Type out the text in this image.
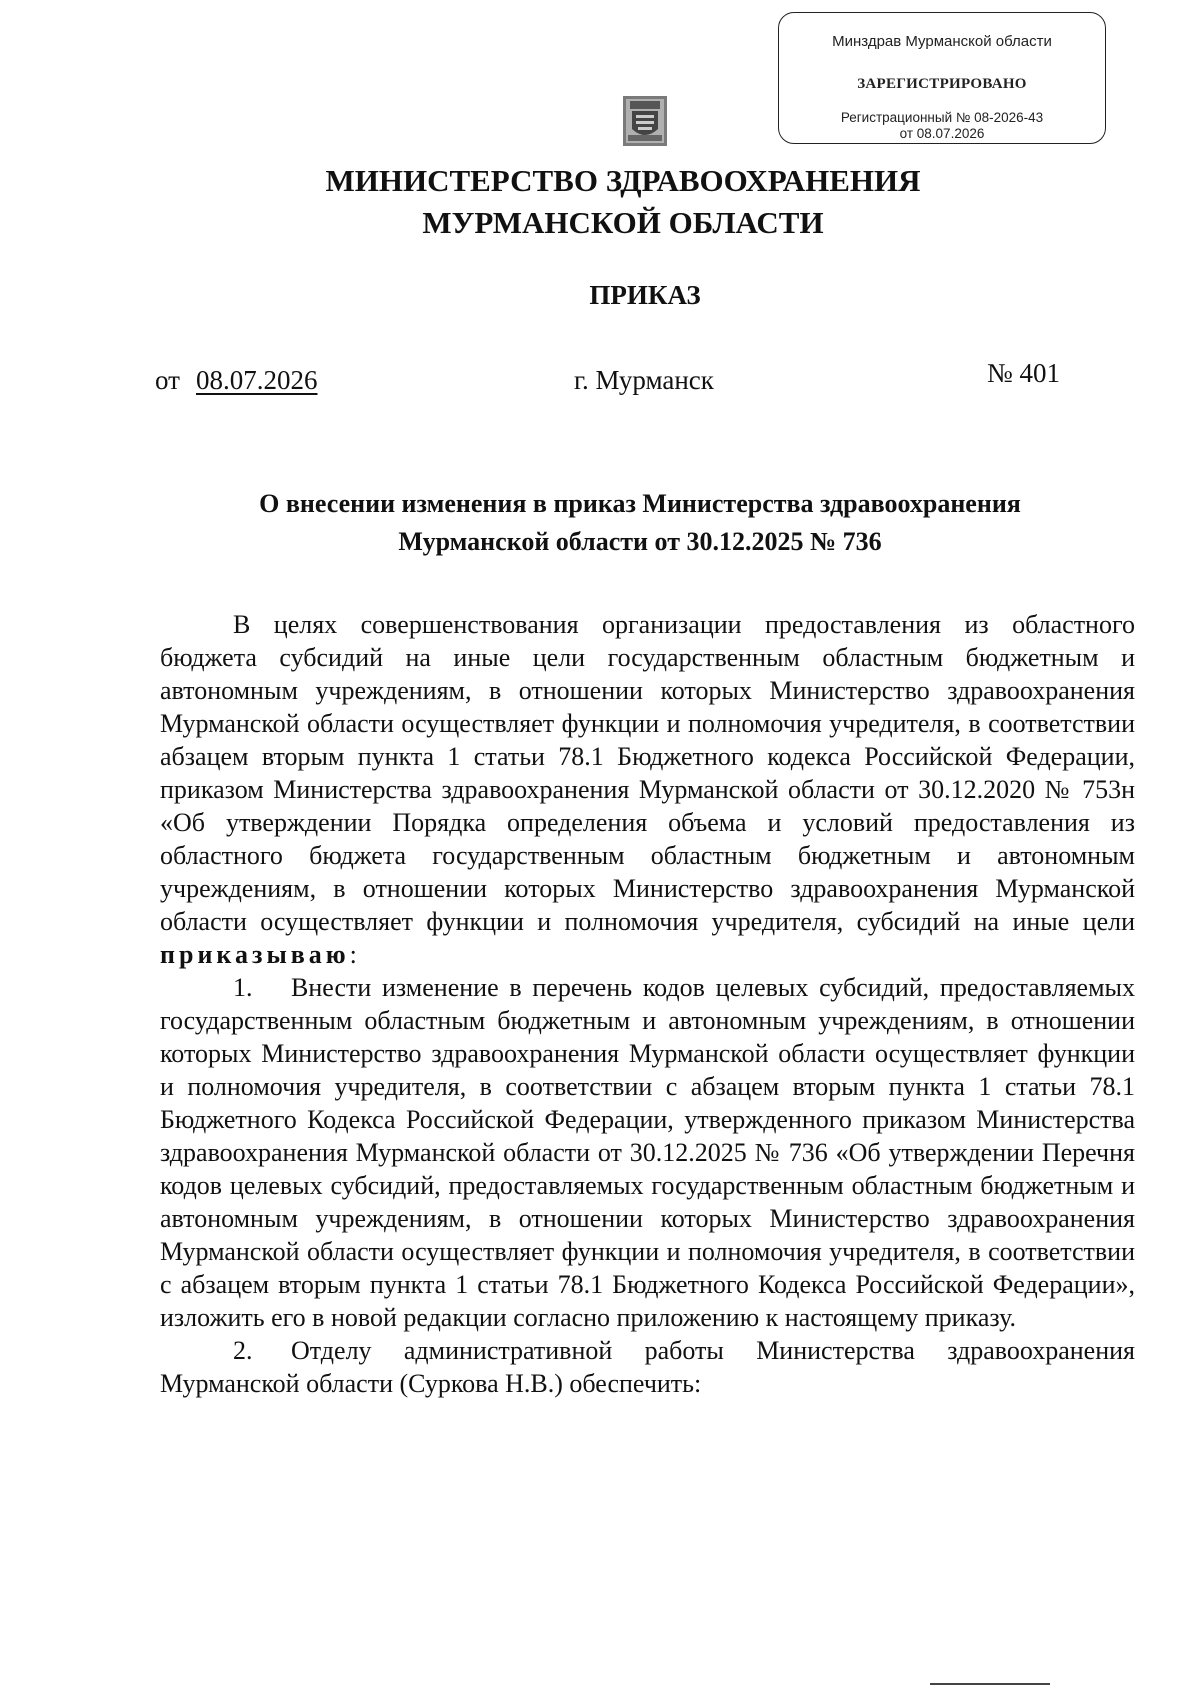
Минздрав Мурманской области
ЗАРЕГИСТРИРОВАНО
Регистрационный № 08-2026-43
от 08.07.2026
МИНИСТЕРСТВО ЗДРАВООХРАНЕНИЯ
МУРМАНСКОЙ ОБЛАСТИ
ПРИКАЗ
от 08.07.2026	г. Мурманск	№ 401
О внесении изменения в приказ Министерства здравоохранения
Мурманской области от 30.12.2025 № 736

В целях совершенствования организации предоставления из областного бюджета субсидий на иные цели государственным областным бюджетным и автономным учреждениям, в отношении которых Министерство здравоохранения Мурманской области осуществляет функции и полномочия учредителя, в соответствии абзацем вторым пункта 1 статьи 78.1 Бюджетного кодекса Российской Федерации, приказом Министерства здравоохранения Мурманской области от 30.12.2020 № 753н «Об утверждении Порядка определения объема и условий предоставления из областного бюджета государственным областным бюджетным и автономным учреждениям, в отношении которых Министерство здравоохранения Мурманской области осуществляет функции и полномочия учредителя, субсидий на иные цели приказываю:

1. Внести изменение в перечень кодов целевых субсидий, предоставляемых государственным областным бюджетным и автономным учреждениям, в отношении которых Министерство здравоохранения Мурманской области осуществляет функции и полномочия учредителя, в соответствии с абзацем вторым пункта 1 статьи 78.1 Бюджетного Кодекса Российской Федерации, утвержденного приказом Министерства здравоохранения Мурманской области от 30.12.2025 № 736 «Об утверждении Перечня кодов целевых субсидий, предоставляемых государственным областным бюджетным и автономным учреждениям, в отношении которых Министерство здравоохранения Мурманской области осуществляет функции и полномочия учредителя, в соответствии с абзацем вторым пункта 1 статьи 78.1 Бюджетного Кодекса Российской Федерации», изложить его в новой редакции согласно приложению к настоящему приказу.

2. Отделу административной работы Министерства здравоохранения Мурманской области (Суркова Н.В.) обеспечить:
